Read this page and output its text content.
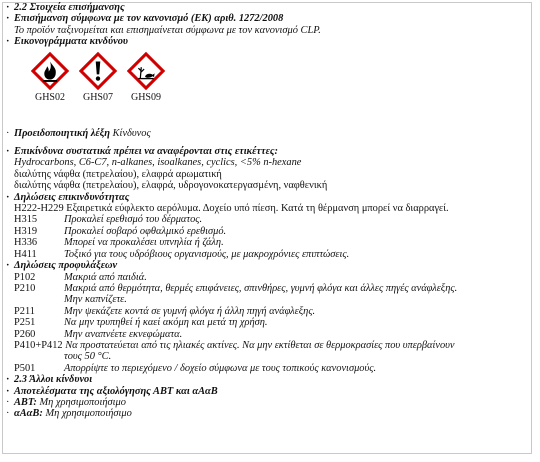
· 2.2 Στοιχεία επισήμανσης
· Επισήμανση σύμφωνα με τον κανονισμό (ΕΚ) αριθ. 1272/2008
Το προϊόν ταξινομείται και επισημαίνεται σύμφωνα με τον κανονισμό CLP.
· Εικονογράμματα κινδύνου
GHS02	GHS07	GHS09
· Προειδοποιητική λέξη Κίνδυνος
· Επικίνδυνα συστατικά πρέπει να αναφέρονται στις ετικέττες:
Hydrocarbons, C6-C7, n-alkanes, isoalkanes, cyclics, <5% n-hexane
διαλύτης νάφθα (πετρελαίου), ελαφρά αρωματική
διαλύτης νάφθα (πετρελαίου), ελαφρά, υδρογονοκατεργασμένη, ναφθενική
· Δηλώσεις επικινδυνότητας
H222-H229 Εξαιρετικά εύφλεκτο αερόλυμα. Δοχείο υπό πίεση. Κατά τη θέρμανση μπορεί να διαρραγεί.
H315	Προκαλεί ερεθισμό του δέρματος.
H319	Προκαλεί σοβαρό οφθαλμικό ερεθισμό.
H336	Μπορεί να προκαλέσει υπνηλία ή ζάλη.
H411	Τοξικό για τους υδρόβιους οργανισμούς, με μακροχρόνιες επιπτώσεις.
· Δηλώσεις προφυλάξεων
P102	Μακριά από παιδιά.
P210	Μακριά από θερμότητα, θερμές επιφάνειες, σπινθήρες, γυμνή φλόγα και άλλες πηγές ανάφλεξης.
Μην καπνίζετε.
P211	Μην ψεκάζετε κοντά σε γυμνή φλόγα ή άλλη πηγή ανάφλεξης.
P251	Να μην τρυπηθεί ή καεί ακόμη και μετά τη χρήση.
P260	Μην αναπνέετε εκνεφώματα.
P410+P412
Να προστατεύεται από τις ηλιακές ακτίνες. Να μην εκτίθεται σε θερμοκρασίες που υπερβαίνουν
τους 50 °C.
P501	Απορρίψτε το περιεχόμενο / δοχείο σύμφωνα με τους τοπικούς κανονισμούς.
· 2.3 Άλλοι κίνδυνοι
· Αποτελέσματα της αξιολόγησης ΑΒΤ και αΑαΒ
· ΑΒΤ: Μη χρησιμοποιήσιμο
· αΑαΒ: Μη χρησιμοποιήσιμο
